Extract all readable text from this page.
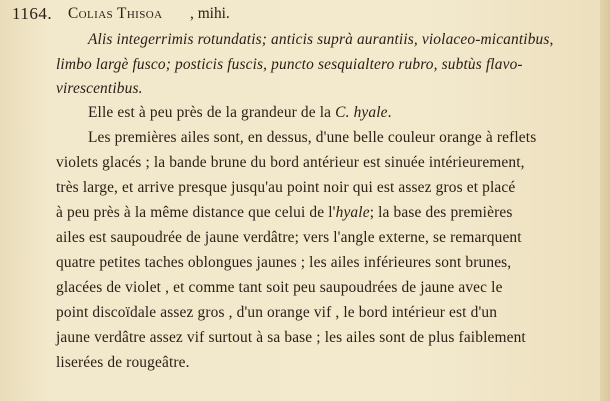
1164. Colias Thisoa , mihi.
Alis integerrimis rotundatis; anticis suprà aurantiis, violaceo-micantibus,
limbo largè fusco; posticis fuscis, puncto sesquialtero rubro, subtùs flavo-
virescentibus.
Elle est à peu près de la grandeur de la C. hyale.
Les premières ailes sont, en dessus, d'une belle couleur orange à reflets
violets glacés ; la bande brune du bord antérieur est sinuée intérieurement,
très large, et arrive presque jusqu'au point noir qui est assez gros et placé
à peu près à la même distance que celui de l'hyale; la base des premières
ailes est saupoudrée de jaune verdâtre; vers l'angle externe, se remarquent
quatre petites taches oblongues jaunes ; les ailes inférieures sont brunes,
glacées de violet , et comme tant soit peu saupoudrées de jaune avec le
point discoïdale assez gros , d'un orange vif , le bord intérieur est d'un
jaune verdâtre assez vif surtout à sa base ; les ailes sont de plus faiblement
liserées de rougeâtre.
